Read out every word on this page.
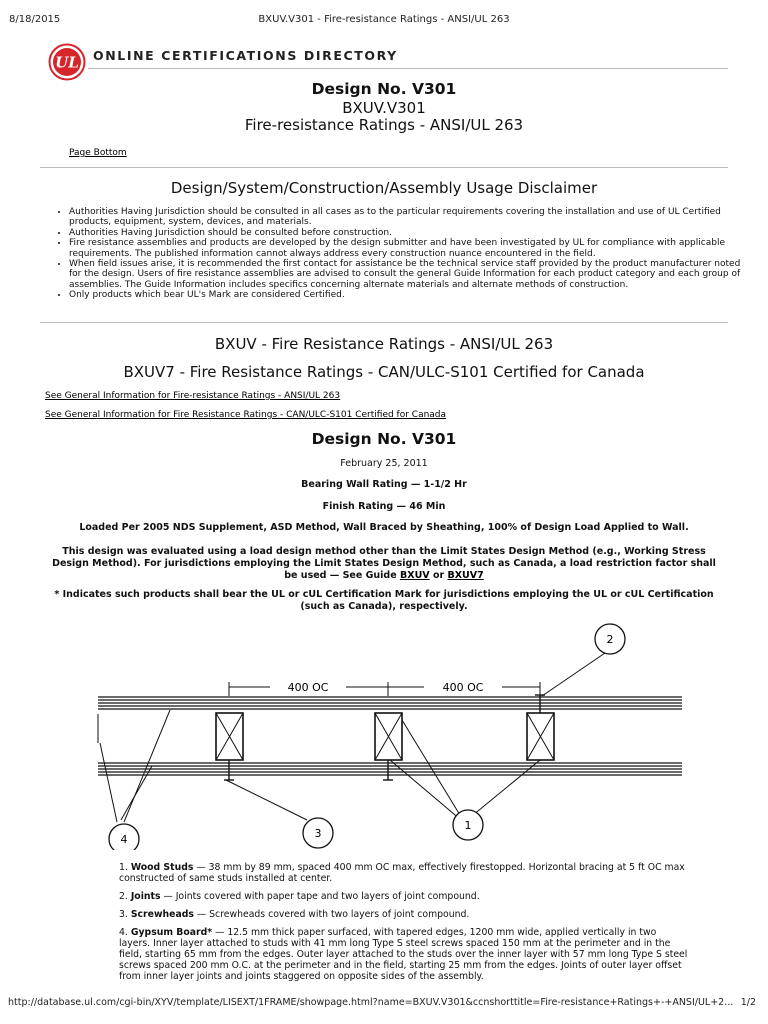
8/18/2015	BXUV.V301 - Fire-resistance Ratings - ANSI/UL 263
UL ONLINE CERTIFICATIONS DIRECTORY
Design No. V301
BXUV.V301
Fire-resistance Ratings - ANSI/UL 263
Page Bottom
Design/System/Construction/Assembly Usage Disclaimer
• Authorities Having Jurisdiction should be consulted in all cases as to the particular requirements covering the installation and use of UL Certified products, equipment, system, devices, and materials.
• Authorities Having Jurisdiction should be consulted before construction.
• Fire resistance assemblies and products are developed by the design submitter and have been investigated by UL for compliance with applicable requirements. The published information cannot always address every construction nuance encountered in the field.
• When field issues arise, it is recommended the first contact for assistance be the technical service staff provided by the product manufacturer noted for the design. Users of fire resistance assemblies are advised to consult the general Guide Information for each product category and each group of assemblies. The Guide Information includes specifics concerning alternate materials and alternate methods of construction.
• Only products which bear UL's Mark are considered Certified.
BXUV - Fire Resistance Ratings - ANSI/UL 263
BXUV7 - Fire Resistance Ratings - CAN/ULC-S101 Certified for Canada
See General Information for Fire-resistance Ratings - ANSI/UL 263
See General Information for Fire Resistance Ratings - CAN/ULC-S101 Certified for Canada
Design No. V301
February 25, 2011
Bearing Wall Rating — 1-1/2 Hr
Finish Rating — 46 Min
Loaded Per 2005 NDS Supplement, ASD Method, Wall Braced by Sheathing, 100% of Design Load Applied to Wall.
This design was evaluated using a load design method other than the Limit States Design Method (e.g., Working Stress Design Method). For jurisdictions employing the Limit States Design Method, such as Canada, a load restriction factor shall be used — See Guide BXUV or BXUV7
* Indicates such products shall bear the UL or cUL Certification Mark for jurisdictions employing the UL or cUL Certification (such as Canada), respectively.
400 OC	400 OC
4	3
1
2

1. Wood Studs — 38 mm by 89 mm, spaced 400 mm OC max, effectively firestopped. Horizontal bracing at 5 ft OC max constructed of same studs installed at center.

2. Joints — Joints covered with paper tape and two layers of joint compound.

3. Screwheads — Screwheads covered with two layers of joint compound.

4. Gypsum Board* — 12.5 mm thick paper surfaced, with tapered edges, 1200 mm wide, applied vertically in two layers. Inner layer attached to studs with 41 mm long Type S steel screws spaced 150 mm at the perimeter and in the field, starting 65 mm from the edges. Outer layer attached to the studs over the inner layer with 57 mm long Type S steel screws spaced 200 mm O.C. at the perimeter and in the field, starting 25 mm from the edges. Joints of outer layer offset from inner layer joints and joints staggered on opposite sides of the assembly.

http://database.ul.com/cgi-bin/XYV/template/LISEXT/1FRAME/showpage.html?name=BXUV.V301&ccnshorttitle=Fire-resistance+Ratings+-+ANSI/UL+2... 1/2
